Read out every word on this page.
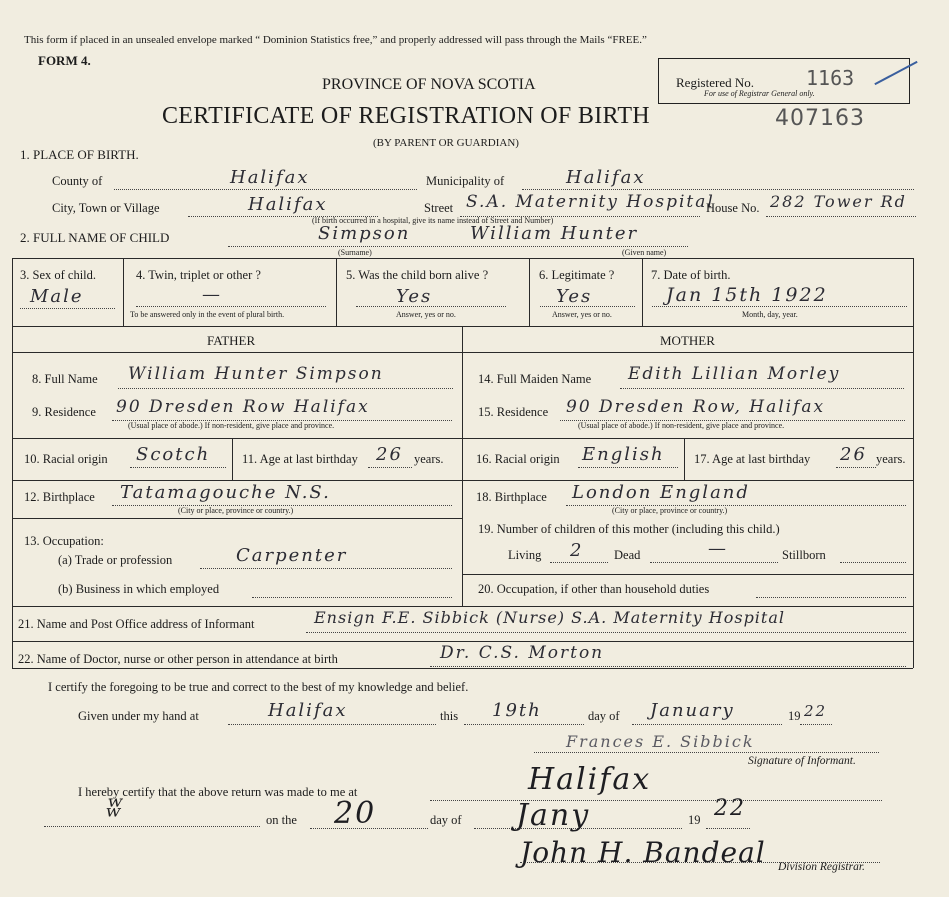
This form if placed in an unsealed envelope marked “ Dominion Statistics free,” and properly addressed will pass through the Mails “FREE.”
FORM 4.
PROVINCE OF NOVA SCOTIA
CERTIFICATE OF REGISTRATION OF BIRTH
(BY PARENT OR GUARDIAN)
Registered No.
For use of Registrar General only.
1163
407163
1. PLACE OF BIRTH.
County of	Halifax	Municipality of	Halifax
City, Town or Village	Halifax	Street S.A. Maternity Hospital
House No. 282 Tower Rd
(If birth occurred in a hospital, give its name instead of Street and Number)
2. FULL NAME OF CHILD	Simpson	William Hunter
(Surname)	(Given name)
3. Sex of child.
Male
4. Twin, triplet or other ?
—
To be answered only in the event of plural birth.
5. Was the child born alive ?
Yes
Answer, yes or no.
6. Legitimate ?
Yes
Answer, yes or no.
7. Date of birth.
Jan 15th 1922
Month, day, year.
FATHER	MOTHER
8. Full Name William Hunter Simpson
9. Residence 90 Dresden Row Halifax
(Usual place of abode.) If non-resident, give place and province.
10. Racial origin Scotch	11. Age at last birthday 26 years.
12. Birthplace Tatamagouche N.S.
(City or place, province or country.)
13. Occupation:
(a) Trade or profession	Carpenter
(b) Business in which employed
14. Full Maiden Name Edith Lillian Morley
15. Residence 90 Dresden Row, Halifax
(Usual place of abode.) If non-resident, give place and province.
16. Racial origin English 17. Age at last birthday 26 years.
18. Birthplace London England
(City or place, province or country.)
19. Number of children of this mother (including this child.)
Living 2 Dead	—	Stillborn
20. Occupation, if other than household duties
21. Name and Post Office address of Informant	Ensign F.E. Sibbick (Nurse) S.A. Maternity Hospital
22. Name of Doctor, nurse or other person in attendance at birth	Dr. C.S. Morton
I certify the foregoing to be true and correct to the best of my knowledge and belief.
Given under my hand at	Halifax	this 19th	day of January	19 22
Frances E. Sibbick
Signature of Informant.
I hereby certify that the above return was made to me at	Halifax
ʬ	on the 20	day of Jany	19 22
John H. Bandeal Division Registrar.
